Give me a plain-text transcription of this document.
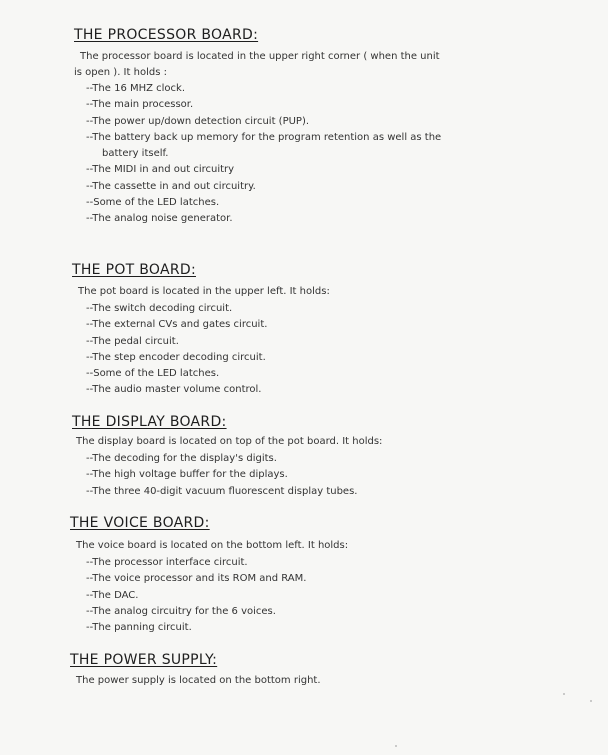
THE PROCESSOR BOARD:
The processor board is located in the upper right corner ( when the unit
is open ). It holds :
--The 16 MHZ clock.
--The main processor.
--The power up/down detection circuit (PUP).
--The battery back up memory for the program retention as well as the
battery itself.
--The MIDI in and out circuitry
--The cassette in and out circuitry.
--Some of the LED latches.
--The analog noise generator.
THE POT BOARD:
The pot board is located in the upper left. It holds:
--The switch decoding circuit.
--The external CVs and gates circuit.
--The pedal circuit.
--The step encoder decoding circuit.
--Some of the LED latches.
--The audio master volume control.
THE DISPLAY BOARD:
The display board is located on top of the pot board. It holds:
--The decoding for the display's digits.
--The high voltage buffer for the diplays.
--The three 40-digit vacuum fluorescent display tubes.
THE VOICE BOARD:
The voice board is located on the bottom left. It holds:
--The processor interface circuit.
--The voice processor and its ROM and RAM.
--The DAC.
--The analog circuitry for the 6 voices.
--The panning circuit.
THE POWER SUPPLY:
The power supply is located on the bottom right.
